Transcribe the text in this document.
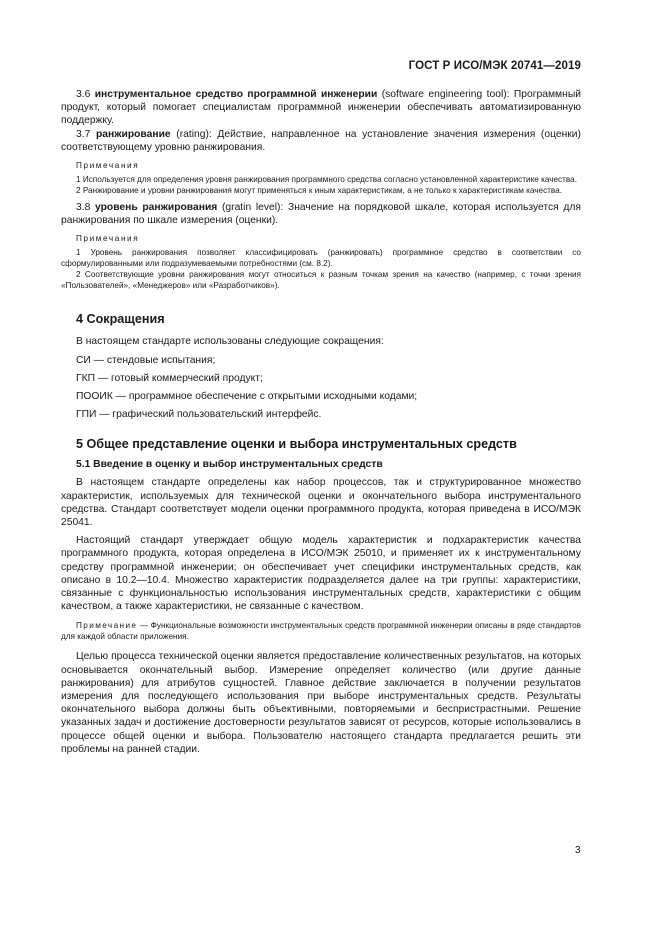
ГОСТ Р ИСО/МЭК 20741—2019

3.6 инструментальное средство программной инженерии (software engineering tool): Программный продукт, который помогает специалистам программной инженерии обеспечивать автоматизированную поддержку.

3.7 ранжирование (rating): Действие, направленное на установление значения измерения (оценки) соответствующему уровню ранжирования.

Примечания

1 Используется для определения уровня ранжирования программного средства согласно установленной характеристике качества.

2 Ранжирование и уровни ранжирования могут применяться к иным характеристикам, а не только к характеристикам качества.

3.8 уровень ранжирования (gratin level): Значение на порядковой шкале, которая используется для ранжирования по шкале измерения (оценки).

Примечания

1 Уровень ранжирования позволяет классифицировать (ранжировать) программное средство в соответствии со сформулированными или подразумеваемыми потребностями (см. 8.2).

2 Соответствующие уровни ранжирования могут относиться к разным точкам зрения на качество (например, с точки зрения «Пользователей», «Менеджеров» или «Разработчиков»).

4 Сокращения

В настоящем стандарте использованы следующие сокращения:

СИ — стендовые испытания;

ГКП — готовый коммерческий продукт;

ПООИК — программное обеспечение с открытыми исходными кодами;

ГПИ — графический пользовательский интерфейс.

5 Общее представление оценки и выбора инструментальных средств
5.1 Введение в оценку и выбор инструментальных средств

В настоящем стандарте определены как набор процессов, так и структурированное множество характеристик, используемых для технической оценки и окончательного выбора инструментального средства. Стандарт соответствует модели оценки программного продукта, которая приведена в ИСО/МЭК 25041.

Настоящий стандарт утверждает общую модель характеристик и подхарактеристик качества программного продукта, которая определена в ИСО/МЭК 25010, и применяет их к инструментальному средству программной инженерии; он обеспечивает учет специфики инструментальных средств, как описано в 10.2—10.4. Множество характеристик подразделяется далее на три группы: характеристики, связанные с функциональностью использования инструментальных средств, характеристики с общим качеством, а также характеристики, не связанные с качеством.

Примечание — Функциональные возможности инструментальных средств программной инженерии описаны в ряде стандартов для каждой области приложения.

Целью процесса технической оценки является предоставление количественных результатов, на которых основывается окончательный выбор. Измерение определяет количество (или другие данные ранжирования) для атрибутов сущностей. Главное действие заключается в получении результатов измерения для последующего использования при выборе инструментальных средств. Результаты окончательного выбора должны быть объективными, повторяемыми и беспристрастными. Решение указанных задач и достижение достоверности результатов зависят от ресурсов, которые использовались в процессе общей оценки и выбора. Пользователю настоящего стандарта предлагается решить эти проблемы на ранней стадии.

3
